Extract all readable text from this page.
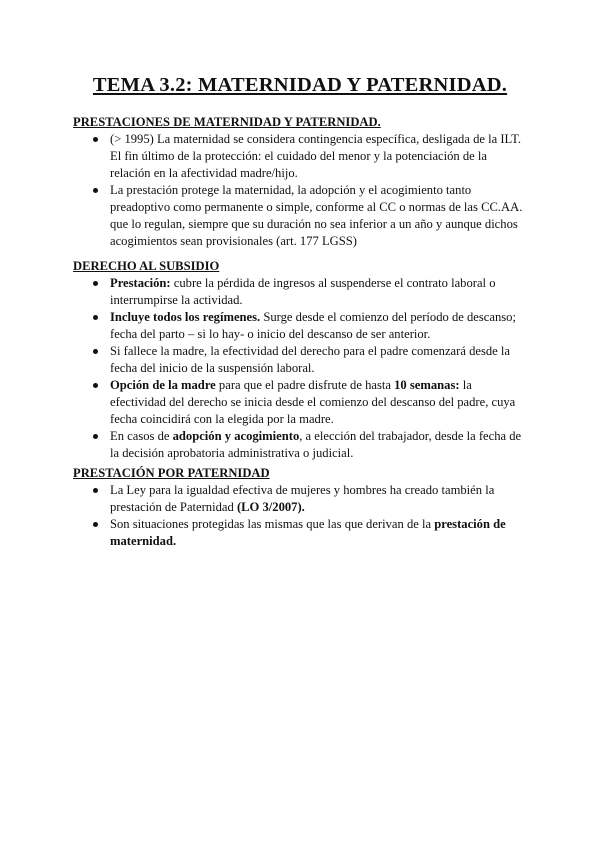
TEMA 3.2: MATERNIDAD Y PATERNIDAD.

PRESTACIONES DE MATERNIDAD Y PATERNIDAD.

(> 1995) La maternidad se considera contingencia específica, desligada de la ILT. El fin último de la protección: el cuidado del menor y la potenciación de la relación en la afectividad madre/hijo.
La prestación protege la maternidad, la adopción y el acogimiento tanto preadoptivo como permanente o simple, conforme al CC o normas de las CC.AA. que lo regulan, siempre que su duración no sea inferior a un año y aunque dichos acogimientos sean provisionales (art. 177 LGSS)

DERECHO AL SUBSIDIO

Prestación: cubre la pérdida de ingresos al suspenderse el contrato laboral o interrumpirse la actividad.
Incluye todos los regímenes. Surge desde el comienzo del período de descanso; fecha del parto – si lo hay- o inicio del descanso de ser anterior.
Si fallece la madre, la efectividad del derecho para el padre comenzará desde la fecha del inicio de la suspensión laboral.
Opción de la madre para que el padre disfrute de hasta 10 semanas: la efectividad del derecho se inicia desde el comienzo del descanso del padre, cuya fecha coincidirá con la elegida por la madre.
En casos de adopción y acogimiento, a elección del trabajador, desde la fecha de la decisión aprobatoria administrativa o judicial.

PRESTACIÓN POR PATERNIDAD

La Ley para la igualdad efectiva de mujeres y hombres ha creado también la prestación de Paternidad (LO 3/2007).
Son situaciones protegidas las mismas que las que derivan de la prestación de maternidad.
